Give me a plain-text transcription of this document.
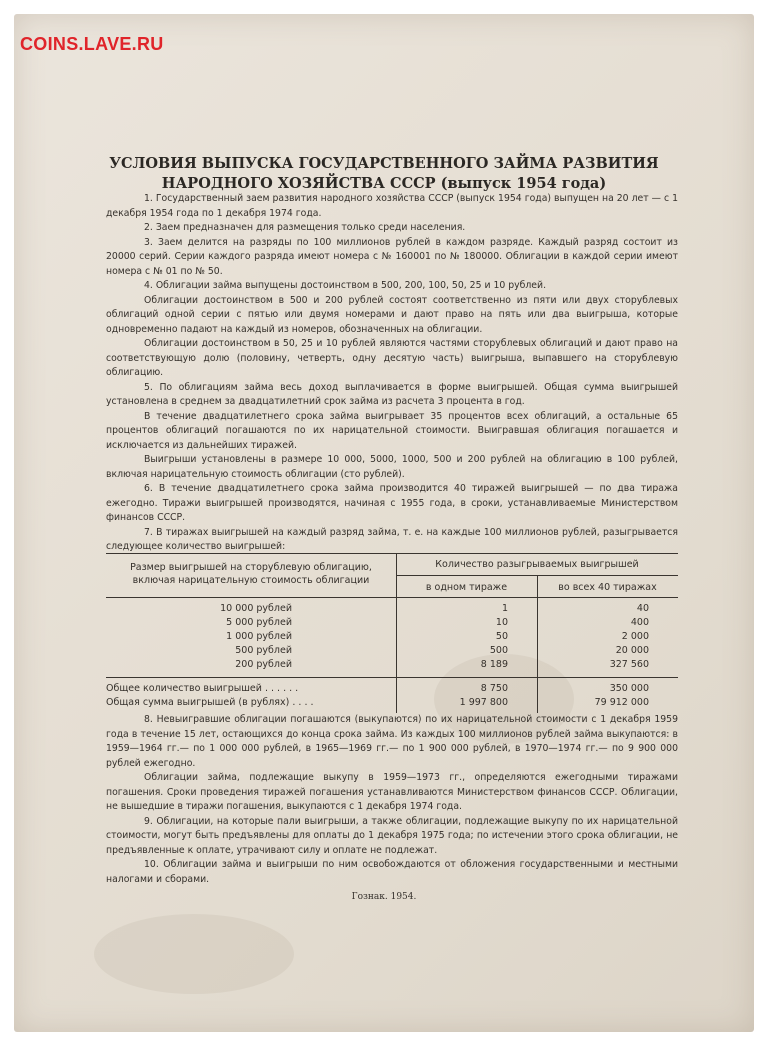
COINS.LAVE.RU
УСЛОВИЯ ВЫПУСКА ГОСУДАРСТВЕННОГО ЗАЙМА РАЗВИТИЯ
НАРОДНОГО ХОЗЯЙСТВА СССР (выпуск 1954 года)

1. Государственный заем развития народного хозяйства СССР (выпуск 1954 года) выпущен на 20 лет — с 1 декабря 1954 года по 1 декабря 1974 года.

2. Заем предназначен для размещения только среди населения.

3. Заем делится на разряды по 100 миллионов рублей в каждом разряде. Каждый разряд состоит из 20000 серий. Серии каждого разряда имеют номера с № 160001 по № 180000. Облигации в каждой серии имеют номера с № 01 по № 50.

4. Облигации займа выпущены достоинством в 500, 200, 100, 50, 25 и 10 рублей.

Облигации достоинством в 500 и 200 рублей состоят соответственно из пяти или двух сторублевых облигаций одной серии с пятью или двумя номерами и дают право на пять или два выигрыша, которые одновременно падают на каждый из номеров, обозначенных на облигации.

Облигации достоинством в 50, 25 и 10 рублей являются частями сторублевых облигаций и дают право на соответствующую долю (половину, четверть, одну десятую часть) выигрыша, выпавшего на сторублевую облигацию.

5. По облигациям займа весь доход выплачивается в форме выигрышей. Общая сумма выигрышей установлена в среднем за двадцатилетний срок займа из расчета 3 процента в год.

В течение двадцатилетнего срока займа выигрывает 35 процентов всех облигаций, а остальные 65 процентов облигаций погашаются по их нарицательной стоимости. Выигравшая облигация погашается и исключается из дальнейших тиражей.

Выигрыши установлены в размере 10 000, 5000, 1000, 500 и 200 рублей на облигацию в 100 рублей, включая нарицательную стоимость облигации (сто рублей).

6. В течение двадцатилетнего срока займа производится 40 тиражей выигрышей — по два тиража ежегодно. Тиражи выигрышей производятся, начиная с 1955 года, в сроки, устанавливаемые Министерством финансов СССР.

7. В тиражах выигрышей на каждый разряд займа, т. е. на каждые 100 миллионов рублей, разыгрывается следующее количество выигрышей:

Размер выигрышей на сторублевую облигацию,
включая нарицательную стоимость облигации
Количество разыгрываемых выигрышей
в одном тираже	во всех 40 тиражах
10 000 рублей	1	40
5 000 рублей	10	400
1 000 рублей	50	2 000
500 рублей	500	20 000
200 рублей	8 189	327 560
Общее количество выигрышей . . . . . .	8 750	350 000
Общая сумма выигрышей (в рублях) . . . .	1 997 800	79 912 000

8. Невыигравшие облигации погашаются (выкупаются) по их нарицательной стоимости с 1 декабря 1959 года в течение 15 лет, остающихся до конца срока займа. Из каждых 100 миллионов рублей займа выкупаются: в 1959—1964 гг.— по 1 000 000 рублей, в 1965—1969 гг.— по 1 900 000 рублей, в 1970—1974 гг.— по 9 900 000 рублей ежегодно.

Облигации займа, подлежащие выкупу в 1959—1973 гг., определяются ежегодными тиражами погашения. Сроки проведения тиражей погашения устанавливаются Министерством финансов СССР. Облигации, не вышедшие в тиражи погашения, выкупаются с 1 декабря 1974 года.

9. Облигации, на которые пали выигрыши, а также облигации, подлежащие выкупу по их нарицательной стоимости, могут быть предъявлены для оплаты до 1 декабря 1975 года; по истечении этого срока облигации, не предъявленные к оплате, утрачивают силу и оплате не подлежат.

10. Облигации займа и выигрыши по ним освобождаются от обложения государственными и местными налогами и сборами.

Гознак. 1954.
